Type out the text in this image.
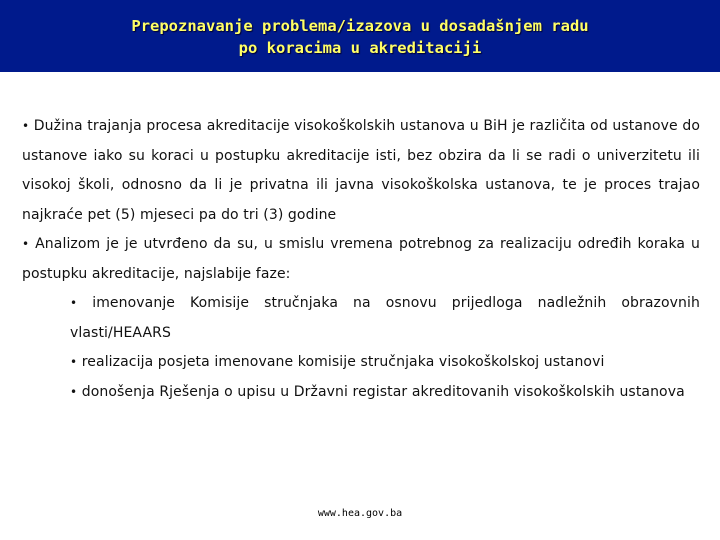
Prepoznavanje problema/izazova u dosadašnjem radu
po koracima u akreditaciji

• Dužina trajanja procesa akreditacije visokoškolskih ustanova u BiH je različita od ustanove do ustanove iako su koraci u postupku akreditacije isti, bez obzira da li se radi o univerzitetu ili visokoj školi, odnosno da li je privatna ili javna visokoškolska ustanova, te je proces trajao najkraće pet (5) mjeseci pa do tri (3) godine

• Analizom je je utvrđeno da su, u smislu vremena potrebnog za realizaciju određih koraka u postupku akreditacije, najslabije faze:

• imenovanje Komisije stručnjaka na osnovu prijedloga nadležnih obrazovnih vlasti/HEAARS

• realizacija posjeta imenovane komisije stručnjaka visokoškolskoj ustanovi

• donošenja Rješenja o upisu u Državni registar akreditovanih visokoškolskih ustanova

www.hea.gov.ba
